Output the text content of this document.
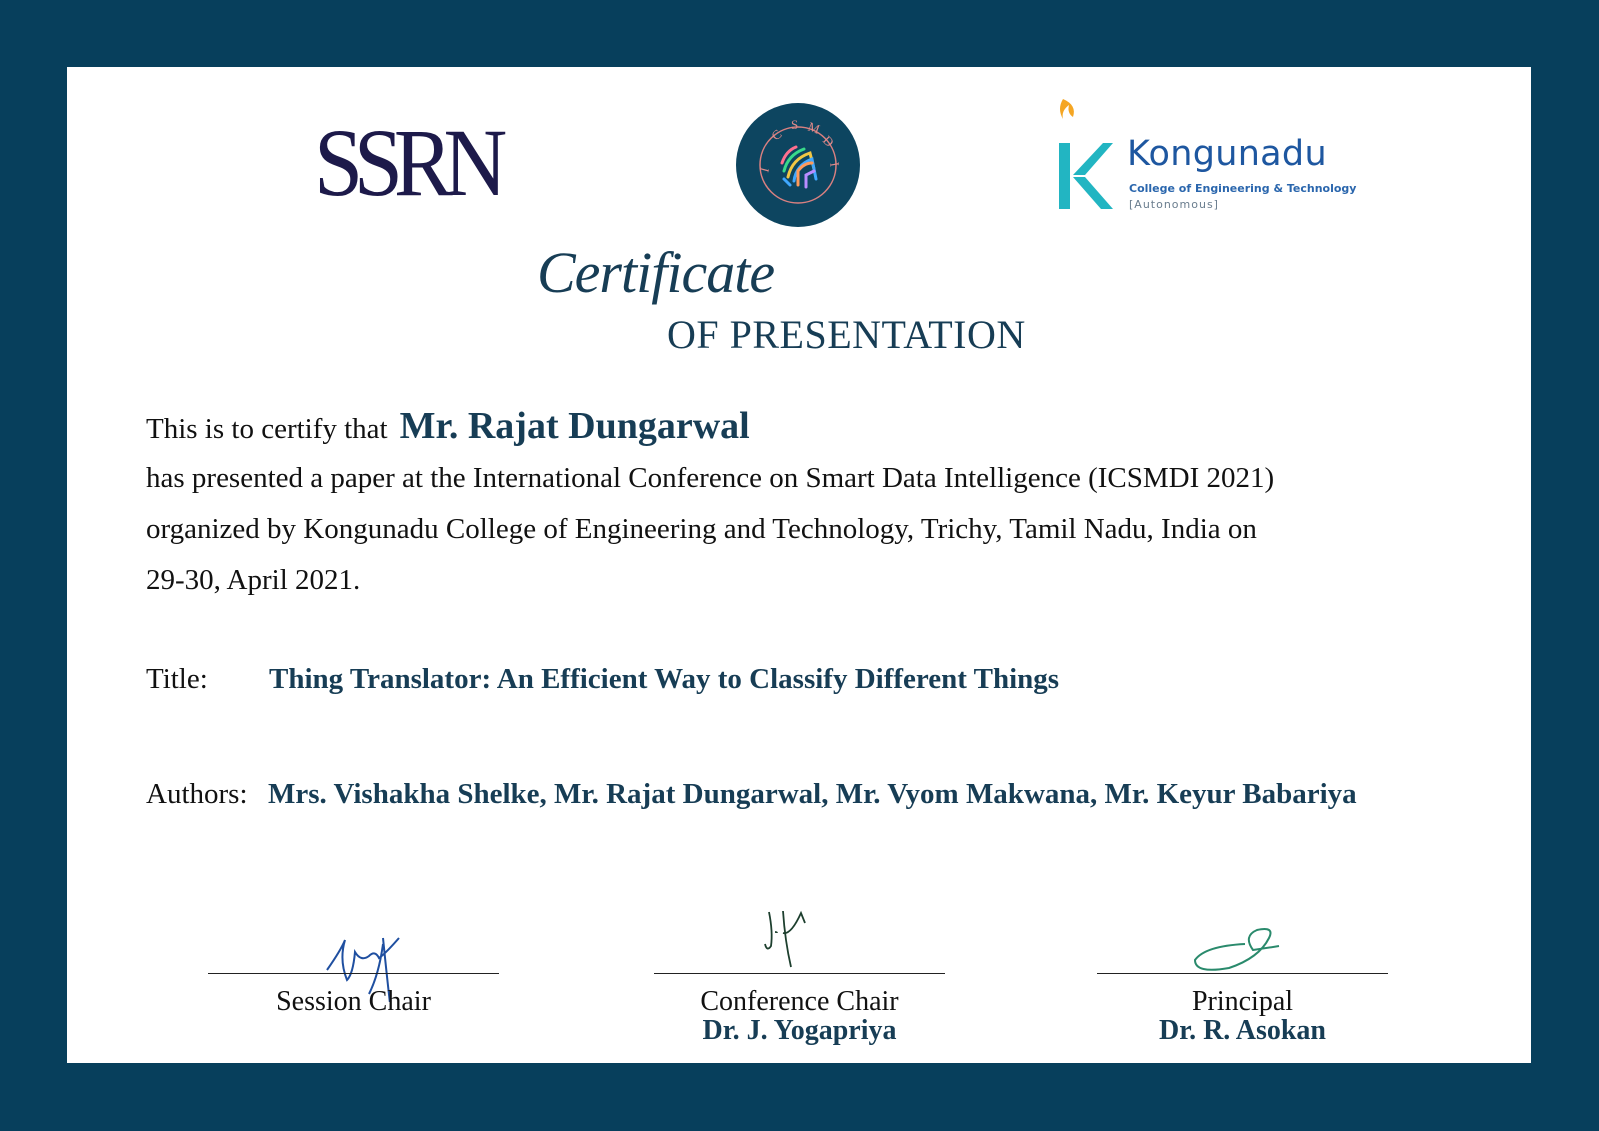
SSRN	I
C
S M
D
I	Kongunadu
College of Engineering & Technology
[Autonomous]
Certificate
OF PRESENTATION
This is to certify that Mr. Rajat Dungarwal
has presented a paper at the International Conference on Smart Data Intelligence (ICSMDI 2021)
organized by Kongunadu College of Engineering and Technology, Trichy, Tamil Nadu, India on
29-30, April 2021.
Title: Thing Translator: An Efficient Way to Classify Different Things
Authors: Mrs. Vishakha Shelke, Mr. Rajat Dungarwal, Mr. Vyom Makwana, Mr. Keyur Babariya
Session Chair	Conference Chair
Dr. J. Yogapriya
Principal
Dr. R. Asokan
